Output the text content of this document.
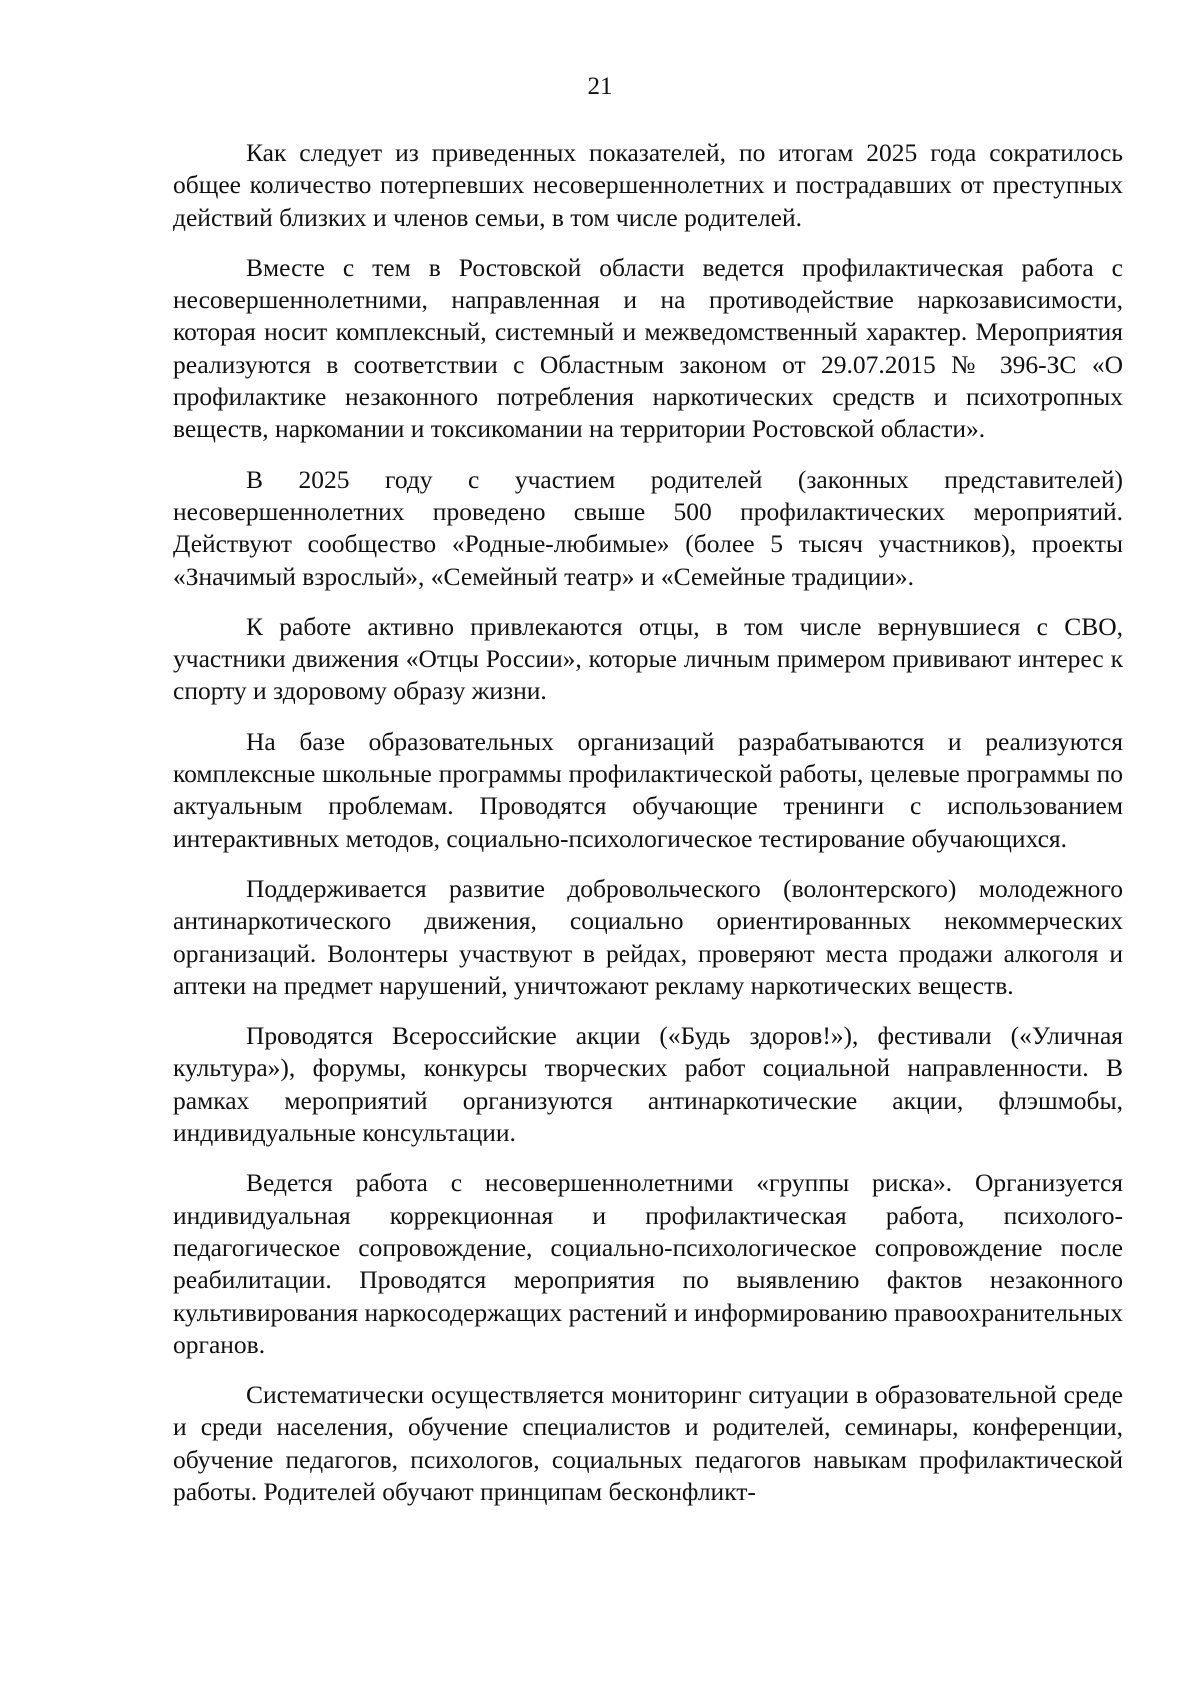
21

Как следует из приведенных показателей, по итогам 2025 года сократилось общее количество потерпевших несовершеннолетних и пострадавших от преступных действий близких и членов семьи, в том числе родителей.

Вместе с тем в Ростовской области ведется профилактическая работа с несовершеннолетними, направленная и на противодействие наркозависимости, которая носит комплексный, системный и межведомственный характер. Мероприятия реализуются в соответствии с Областным законом от 29.07.2015 № 396-ЗС «О профилактике незаконного потребления наркотических средств и психотропных веществ, наркомании и токсикомании на территории Ростовской области».

В 2025 году с участием родителей (законных представителей) несовершеннолетних проведено свыше 500 профилактических мероприятий. Действуют сообщество «Родные-любимые» (более 5 тысяч участников), проекты «Значимый взрослый», «Семейный театр» и «Семейные традиции».

К работе активно привлекаются отцы, в том числе вернувшиеся с СВО, участники движения «Отцы России», которые личным примером прививают интерес к спорту и здоровому образу жизни.

На базе образовательных организаций разрабатываются и реализуются комплексные школьные программы профилактической работы, целевые программы по актуальным проблемам. Проводятся обучающие тренинги с использованием интерактивных методов, социально-психологическое тестирование обучающихся.

Поддерживается развитие добровольческого (волонтерского) молодежного антинаркотического движения, социально ориентированных некоммерческих организаций. Волонтеры участвуют в рейдах, проверяют места продажи алкоголя и аптеки на предмет нарушений, уничтожают рекламу наркотических веществ.

Проводятся Всероссийские акции («Будь здоров!»), фестивали («Уличная культура»), форумы, конкурсы творческих работ социальной направленности. В рамках мероприятий организуются антинаркотические акции, флэшмобы, индивидуальные консультации.

Ведется работа с несовершеннолетними «группы риска». Организуется индивидуальная коррекционная и профилактическая работа, психолого-педагогическое сопровождение, социально-психологическое сопровождение после реабилитации. Проводятся мероприятия по выявлению фактов незаконного культивирования наркосодержащих растений и информированию правоохранительных органов.

Систематически осуществляется мониторинг ситуации в образовательной среде и среди населения, обучение специалистов и родителей, семинары, конференции, обучение педагогов, психологов, социальных педагогов навыкам профилактической работы. Родителей обучают принципам бесконфликт-
